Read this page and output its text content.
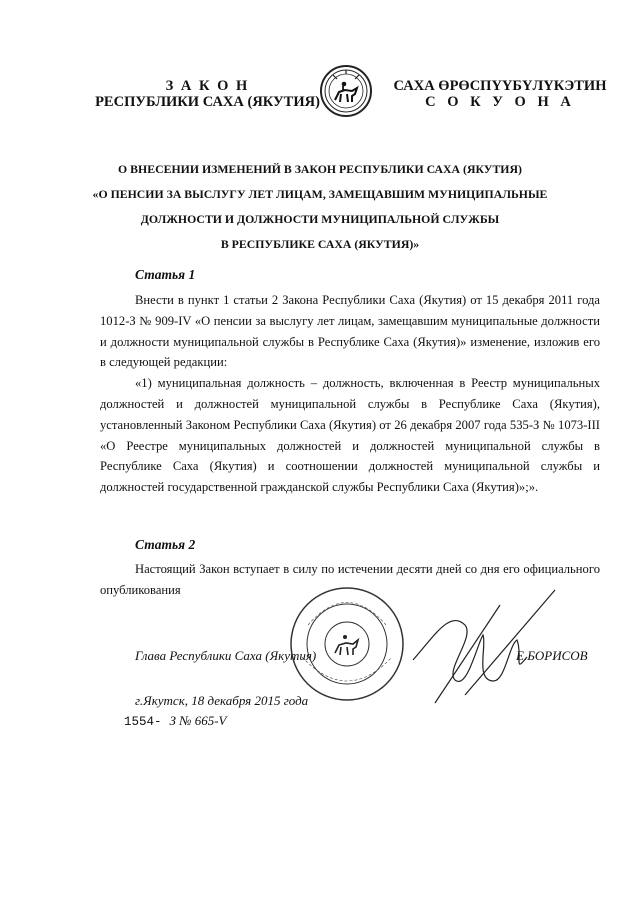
З А К О Н
РЕСПУБЛИКИ САХА (ЯКУТИЯ)
САХА ӨРӨСПYYБYЛYКЭТИН
С О К У О Н А
О ВНЕСЕНИИ ИЗМЕНЕНИЙ В ЗАКОН РЕСПУБЛИКИ САХА (ЯКУТИЯ)
«О ПЕНСИИ ЗА ВЫСЛУГУ ЛЕТ ЛИЦАМ, ЗАМЕЩАВШИМ МУНИЦИПАЛЬНЫЕ
ДОЛЖНОСТИ И ДОЛЖНОСТИ МУНИЦИПАЛЬНОЙ СЛУЖБЫ
В РЕСПУБЛИКЕ САХА (ЯКУТИЯ)»
Статья 1

Внести в пункт 1 статьи 2 Закона Республики Саха (Якутия) от 15 декабря 2011 года 1012-З № 909-IV «О пенсии за выслугу лет лицам, замещавшим муниципальные должности и должности муниципальной службы в Республике Саха (Якутия)» изменение, изложив его в следующей редакции:

«1) муниципальная должность – должность, включенная в Реестр муниципальных должностей и должностей муниципальной службы в Республике Саха (Якутия), установленный Законом Республики Саха (Якутия) от 26 декабря 2007 года 535-З № 1073-III «О Реестре муниципальных должностей и должностей муниципальной службы в Республике Саха (Якутия) и соотношении должностей муниципальной службы и должностей государственной гражданской службы Республики Саха (Якутия)»;».

Статья 2

Настоящий Закон вступает в силу по истечении десяти дней со дня его официального опубликования

Глава Республики Саха (Якутия)	Е.БОРИСОВ
г.Якутск, 18 декабря 2015 года
1554- З № 665-V
